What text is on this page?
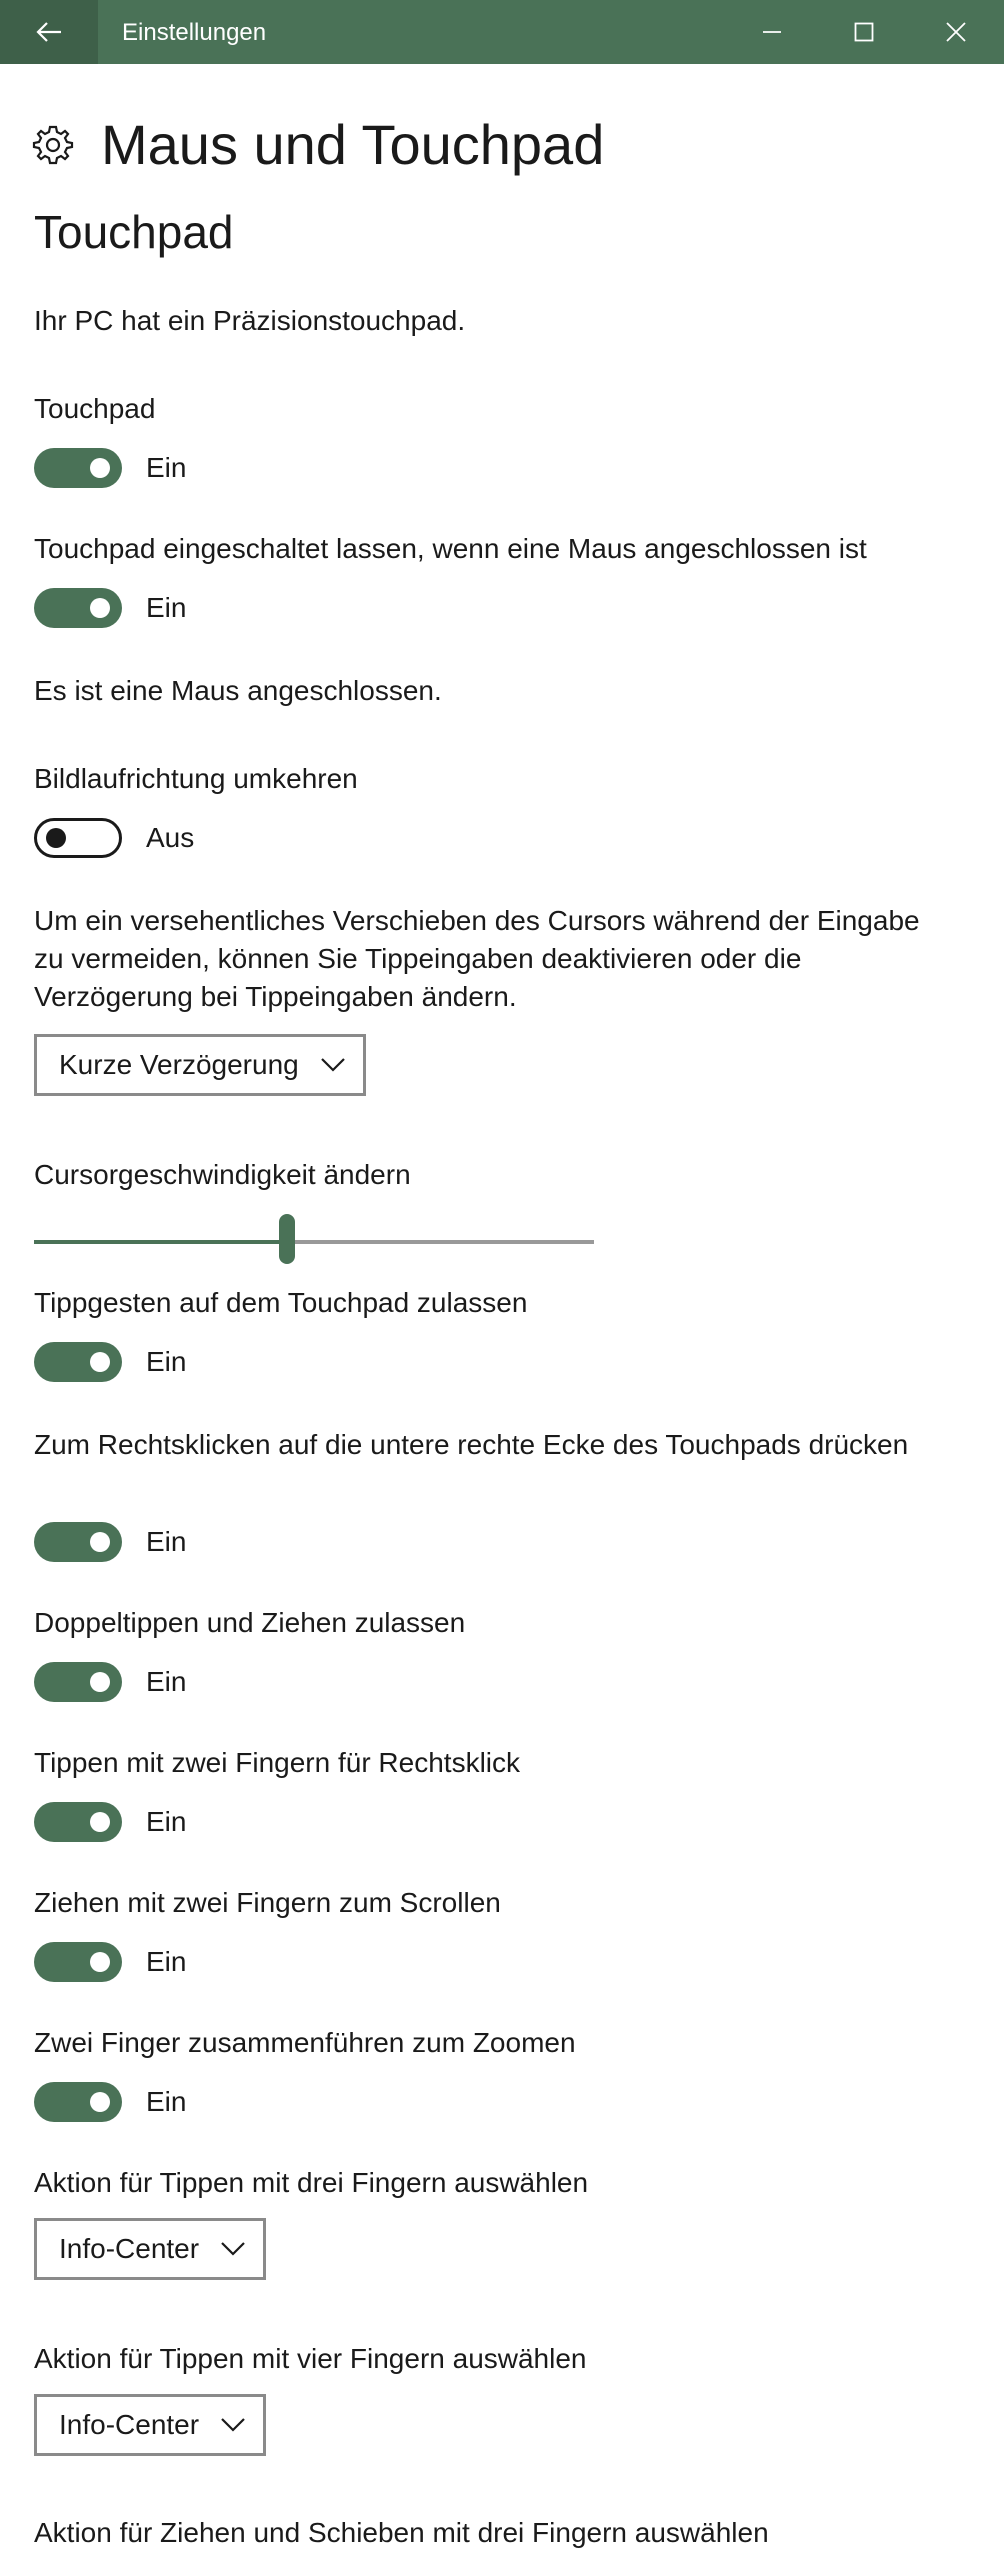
Einstellungen
Maus und Touchpad
Touchpad
Ihr PC hat ein Präzisionstouchpad.
Touchpad
Ein
Touchpad eingeschaltet lassen, wenn eine Maus angeschlossen ist
Ein
Es ist eine Maus angeschlossen.
Bildlaufrichtung umkehren
Aus
Um ein versehentliches Verschieben des Cursors während der Eingabe zu vermeiden, können Sie Tippeingaben deaktivieren oder die Verzögerung bei Tippeingaben ändern.
Kurze Verzögerung
Cursorgeschwindigkeit ändern
Tippgesten auf dem Touchpad zulassen
Ein
Zum Rechtsklicken auf die untere rechte Ecke des Touchpads drücken
Ein
Doppeltippen und Ziehen zulassen
Ein
Tippen mit zwei Fingern für Rechtsklick
Ein
Ziehen mit zwei Fingern zum Scrollen
Ein
Zwei Finger zusammenführen zum Zoomen
Ein
Aktion für Tippen mit drei Fingern auswählen
Info-Center
Aktion für Tippen mit vier Fingern auswählen
Info-Center
Aktion für Ziehen und Schieben mit drei Fingern auswählen
